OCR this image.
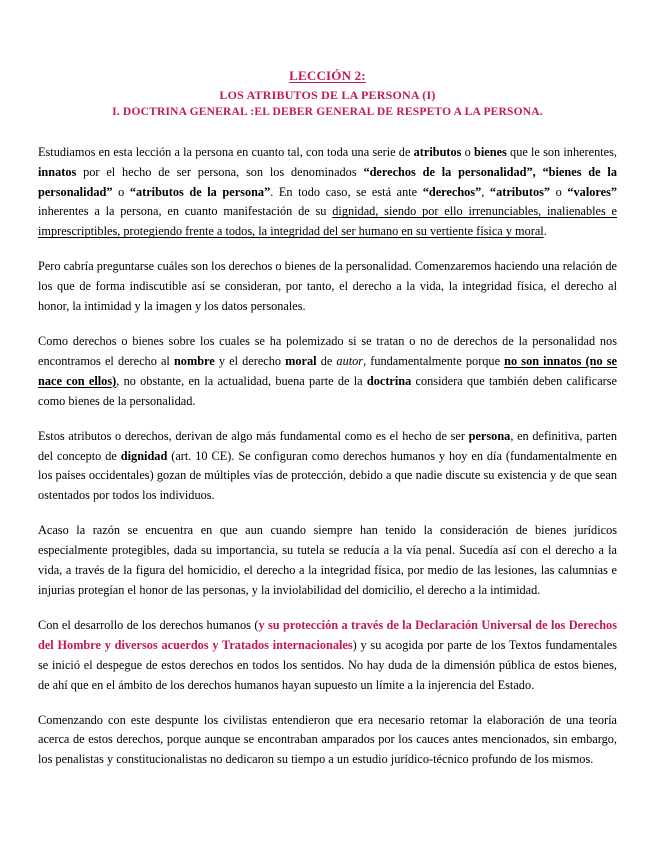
LECCIÓN 2:
LOS ATRIBUTOS DE LA PERSONA (I)
I. DOCTRINA GENERAL :EL DEBER GENERAL DE RESPETO A LA PERSONA.

Estudiamos en esta lección a la persona en cuanto tal, con toda una serie de atributos o bienes que le son inherentes, innatos por el hecho de ser persona, son los denominados “derechos de la personalidad”, “bienes de la personalidad” o “atributos de la persona”. En todo caso, se está ante “derechos”, “atributos” o “valores” inherentes a la persona, en cuanto manifestación de su dignidad, siendo por ello irrenunciables, inalienables e imprescriptibles, protegiendo frente a todos, la integridad del ser humano en su vertiente física y moral.

Pero cabría preguntarse cuáles son los derechos o bienes de la personalidad. Comenzaremos haciendo una relación de los que de forma indiscutible así se consideran, por tanto, el derecho a la vida, la integridad física, el derecho al honor, la intimidad y la imagen y los datos personales.

Como derechos o bienes sobre los cuales se ha polemizado si se tratan o no de derechos de la personalidad nos encontramos el derecho al nombre y el derecho moral de autor, fundamentalmente porque no son innatos (no se nace con ellos), no obstante, en la actualidad, buena parte de la doctrina considera que también deben calificarse como bienes de la personalidad.

Estos atributos o derechos, derivan de algo más fundamental como es el hecho de ser persona, en definitiva, parten del concepto de dignidad (art. 10 CE). Se configuran como derechos humanos y hoy en día (fundamentalmente en los países occidentales) gozan de múltiples vías de protección, debido a que nadie discute su existencia y de que sean ostentados por todos los individuos.

Acaso la razón se encuentra en que aun cuando siempre han tenido la consideración de bienes jurídicos especialmente protegibles, dada su importancia, su tutela se reducía a la vía penal. Sucedía así con el derecho a la vida, a través de la figura del homicidio, el derecho a la integridad física, por medio de las lesiones, las calumnias e injurias protegían el honor de las personas, y la inviolabilidad del domicilio, el derecho a la intimidad.

Con el desarrollo de los derechos humanos (y su protección a través de la Declaración Universal de los Derechos del Hombre y diversos acuerdos y Tratados internacionales) y su acogida por parte de los Textos fundamentales se inició el despegue de estos derechos en todos los sentidos. No hay duda de la dimensión pública de estos bienes, de ahí que en el ámbito de los derechos humanos hayan supuesto un límite a la injerencia del Estado.

Comenzando con este despunte los civilistas entendieron que era necesario retomar la elaboración de una teoría acerca de estos derechos, porque aunque se encontraban amparados por los cauces antes mencionados, sin embargo, los penalistas y constitucionalistas no dedicaron su tiempo a un estudio jurídico-técnico profundo de los mismos.
